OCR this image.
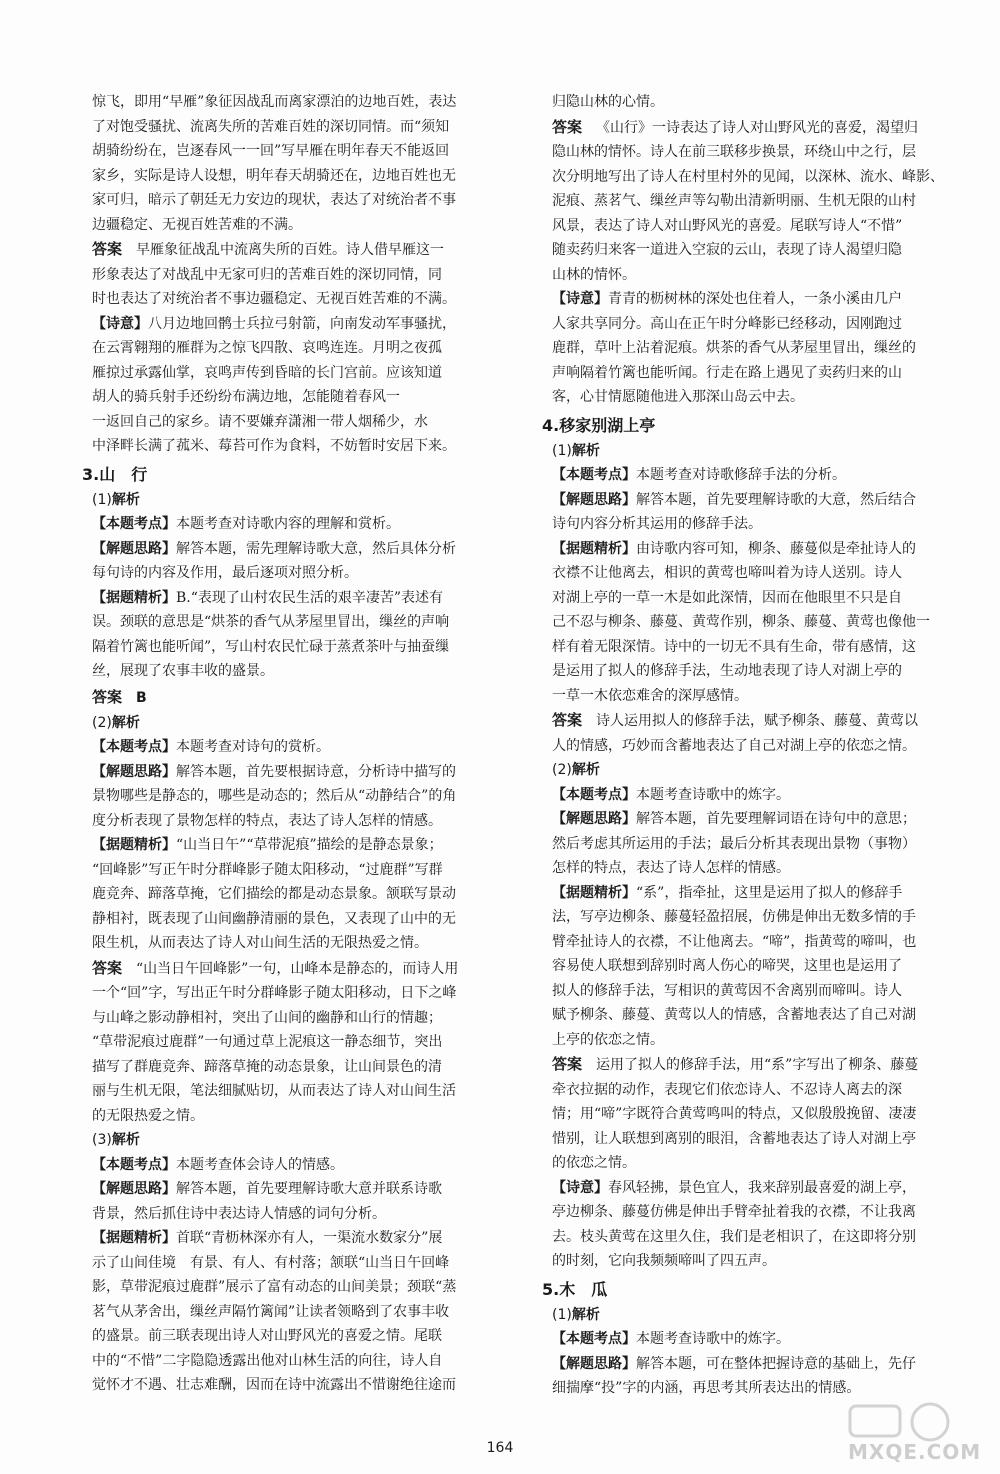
惊飞，即用“早雁”象征因战乱而离家漂泊的边地百姓，表达
了对饱受骚扰、流离失所的苦难百姓的深切同情。而“须知
胡骑纷纷在，岂逐春风一一回”写早雁在明年春天不能返回
家乡，实际是诗人设想，明年春天胡骑还在，边地百姓也无
家可归，暗示了朝廷无力安边的现状，表达了对统治者不事
边疆稳定、无视百姓苦难的不满。
答案 早雁象征战乱中流离失所的百姓。诗人借早雁这一
形象表达了对战乱中无家可归的苦难百姓的深切同情，同
时也表达了对统治者不事边疆稳定、无视百姓苦难的不满。
【诗意】八月边地回鹘士兵拉弓射箭，向南发动军事骚扰，
在云霄翱翔的雁群为之惊飞四散、哀鸣连连。月明之夜孤
雁掠过承露仙掌，哀鸣声传到昏暗的长门宫前。应该知道
胡人的骑兵射手还纷纷布满边地，怎能随着春风一
一返回自己的家乡。请不要嫌弃潇湘一带人烟稀少，水
中泽畔长满了菰米、莓苔可作为食料，不妨暂时安居下来。
3.山　行
(1)解析
【本题考点】本题考查对诗歌内容的理解和赏析。
【解题思路】解答本题，需先理解诗歌大意，然后具体分析
每句诗的内容及作用，最后逐项对照分析。
【据题精析】B.“表现了山村农民生活的艰辛凄苦”表述有
误。颈联的意思是“烘茶的香气从茅屋里冒出，缫丝的声响
隔着竹篱也能听闻”，写山村农民忙碌于蒸煮茶叶与抽蚕缫
丝，展现了农事丰收的盛景。
答案 B
(2)解析
【本题考点】本题考查对诗句的赏析。
【解题思路】解答本题，首先要根据诗意，分析诗中描写的
景物哪些是静态的，哪些是动态的；然后从“动静结合”的角
度分析表现了景物怎样的特点，表达了诗人怎样的情感。
【据题精析】“山当日午”“草带泥痕”描绘的是静态景象；
“回峰影”写正午时分群峰影子随太阳移动，“过鹿群”写群
鹿竞奔、蹄落草掩，它们描绘的都是动态景象。颔联写景动
静相衬，既表现了山间幽静清丽的景色，又表现了山中的无
限生机，从而表达了诗人对山间生活的无限热爱之情。
答案 “山当日午回峰影”一句，山峰本是静态的，而诗人用
一个“回”字，写出正午时分群峰影子随太阳移动，日下之峰
与山峰之影动静相衬，突出了山间的幽静和山行的情趣；
“草带泥痕过鹿群”一句通过草上泥痕这一静态细节，突出
描写了群鹿竞奔、蹄落草掩的动态景象，让山间景色的清
丽与生机无限，笔法细腻贴切，从而表达了诗人对山间生活
的无限热爱之情。
(3)解析
【本题考点】本题考查体会诗人的情感。
【解题思路】解答本题，首先要理解诗歌大意并联系诗歌
背景，然后抓住诗中表达诗人情感的词句分析。
【据题精析】首联“青枥林深亦有人，一渠流水数家分”展
示了山间佳境　有景、有人、有村落；颔联“山当日午回峰
影，草带泥痕过鹿群”展示了富有动态的山间美景；颈联“蒸
茗气从茅舍出，缫丝声隔竹篱闻”让读者领略到了农事丰收
的盛景。前三联表现出诗人对山野风光的喜爱之情。尾联
中的“不惜”二字隐隐透露出他对山林生活的向往，诗人自
觉怀才不遇、壮志难酬，因而在诗中流露出不惜谢绝往途而
归隐山林的心情。
答案 《山行》一诗表达了诗人对山野风光的喜爱，渴望归
隐山林的情怀。诗人在前三联移步换景，环绕山中之行，层
次分明地写出了诗人在村里村外的见闻，以深林、流水、峰影、
泥痕、蒸茗气、缫丝声等勾勒出清新明丽、生机无限的山村
风景，表达了诗人对山野风光的喜爱。尾联写诗人“不惜”
随卖药归来客一道进入空寂的云山，表现了诗人渴望归隐
山林的情怀。
【诗意】青青的枥树林的深处也住着人，一条小溪由几户
人家共享同分。高山在正午时分峰影已经移动，因刚跑过
鹿群，草叶上沾着泥痕。烘茶的香气从茅屋里冒出，缫丝的
声响隔着竹篱也能听闻。行走在路上遇见了卖药归来的山
客，心甘情愿随他进入那深山岛云中去。
4.移家别湖上亭
(1)解析
【本题考点】本题考查对诗歌修辞手法的分析。
【解题思路】解答本题，首先要理解诗歌的大意，然后结合
诗句内容分析其运用的修辞手法。
【据题精析】由诗歌内容可知，柳条、藤蔓似是牵扯诗人的
衣襟不让他离去，相识的黄莺也啼叫着为诗人送别。诗人
对湖上亭的一草一木是如此深情，因而在他眼里不只是自
己不忍与柳条、藤蔓、黄莺作别，柳条、藤蔓、黄莺也像他一
样有着无限深情。诗中的一切无不具有生命，带有感情，这
是运用了拟人的修辞手法，生动地表现了诗人对湖上亭的
一草一木依恋难舍的深厚感情。
答案 诗人运用拟人的修辞手法，赋予柳条、藤蔓、黄莺以
人的情感，巧妙而含蓄地表达了自己对湖上亭的依恋之情。
(2)解析
【本题考点】本题考查诗歌中的炼字。
【解题思路】解答本题，首先要理解词语在诗句中的意思；
然后考虑其所运用的手法；最后分析其表现出景物（事物）
怎样的特点，表达了诗人怎样的情感。
【据题精析】“系”，指牵扯，这里是运用了拟人的修辞手
法，写亭边柳条、藤蔓轻盈招展，仿佛是伸出无数多情的手
臂牵扯诗人的衣襟，不让他离去。“啼”，指黄莺的啼叫，也
容易使人联想到辞别时离人伤心的啼哭，这里也是运用了
拟人的修辞手法，写相识的黄莺因不舍离别而啼叫。诗人
赋予柳条、藤蔓、黄莺以人的情感，含蓄地表达了自己对湖
上亭的依恋之情。
答案 运用了拟人的修辞手法，用“系”字写出了柳条、藤蔓
牵衣拉据的动作，表现它们依恋诗人、不忍诗人离去的深
情；用“啼”字既符合黄莺鸣叫的特点，又似殷殷挽留、凄凄
惜别，让人联想到离别的眼泪，含蓄地表达了诗人对湖上亭
的依恋之情。
【诗意】春风轻拂，景色宜人，我来辞别最喜爱的湖上亭，
亭边柳条、藤蔓仿佛是伸出手臂牵扯着我的衣襟，不让我离
去。枝头黄莺在这里久住，我们是老相识了，在这即将分别
的时刻，它向我频频啼叫了四五声。
5.木　瓜
(1)解析
【本题考点】本题考查诗歌中的炼字。
【解题思路】解答本题，可在整体把握诗意的基础上，先仔
细揣摩“投”字的内涵，再思考其所表达出的情感。
164	MXQE.COM
